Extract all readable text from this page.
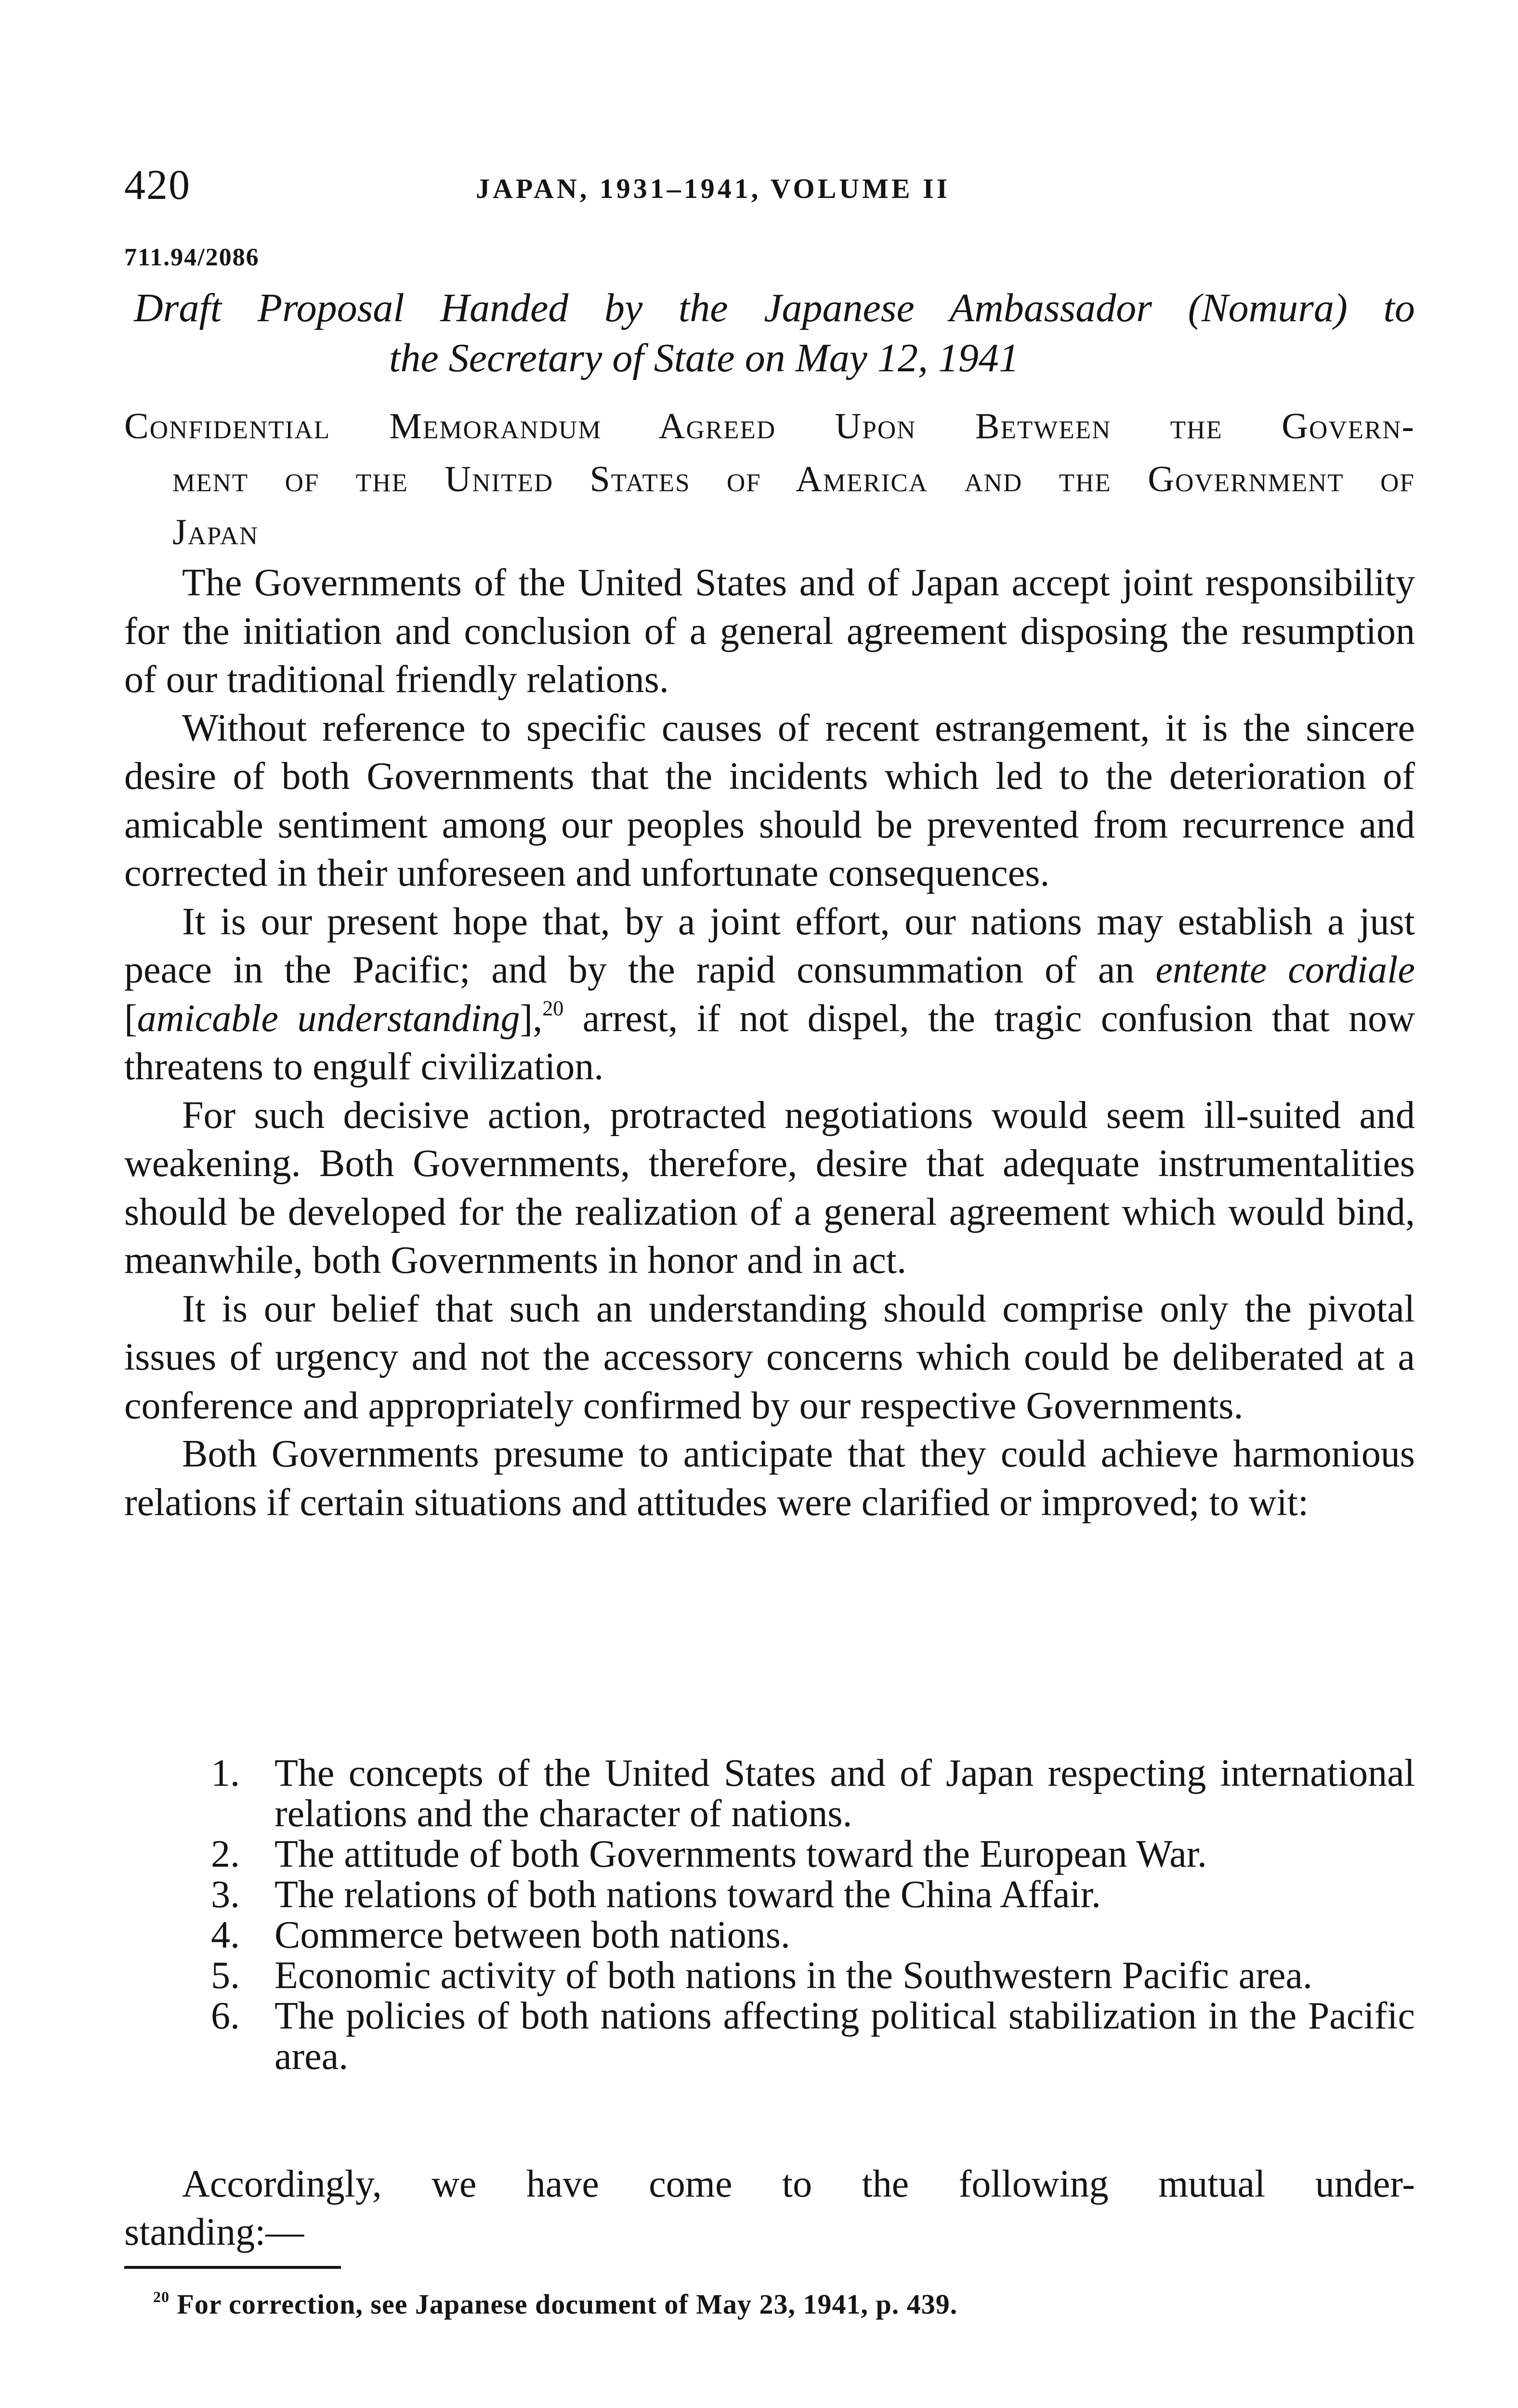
420	JAPAN, 1931–1941, VOLUME II
711.94/2086
Draft Proposal Handed by the Japanese Ambassador (Nomura) to
the Secretary of State on May 12, 1941
Confidential Memorandum Agreed Upon Between the Govern-
ment of the United States of America and the Government of
Japan

The Governments of the United States and of Japan accept joint responsibility for the initiation and conclusion of a general agreement disposing the resumption of our traditional friendly relations.

Without reference to specific causes of recent estrangement, it is the sincere desire of both Governments that the incidents which led to the deterioration of amicable sentiment among our peoples should be prevented from recurrence and corrected in their unforeseen and unfortunate consequences.

It is our present hope that, by a joint effort, our nations may establish a just peace in the Pacific; and by the rapid consummation of an entente cordiale [amicable understanding],$^{20}$ arrest, if not dispel, the tragic confusion that now threatens to engulf civilization.

For such decisive action, protracted negotiations would seem ill-suited and weakening. Both Governments, therefore, desire that adequate instrumentalities should be developed for the realization of a general agreement which would bind, meanwhile, both Governments in honor and in act.

It is our belief that such an understanding should comprise only the pivotal issues of urgency and not the accessory concerns which could be deliberated at a conference and appropriately confirmed by our respective Governments.

Both Governments presume to anticipate that they could achieve harmonious relations if certain situations and attitudes were clarified or improved; to wit:

1. The concepts of the United States and of Japan respecting international relations and the character of nations.
2. The attitude of both Governments toward the European War.
3. The relations of both nations toward the China Affair.
4. Commerce between both nations.
5. Economic activity of both nations in the Southwestern Pacific area.
6. The policies of both nations affecting political stabilization in the Pacific area.

Accordingly, we have come to the following mutual under-

standing:—
$^{20}$ For correction, see Japanese document of May 23, 1941, p. 439.
